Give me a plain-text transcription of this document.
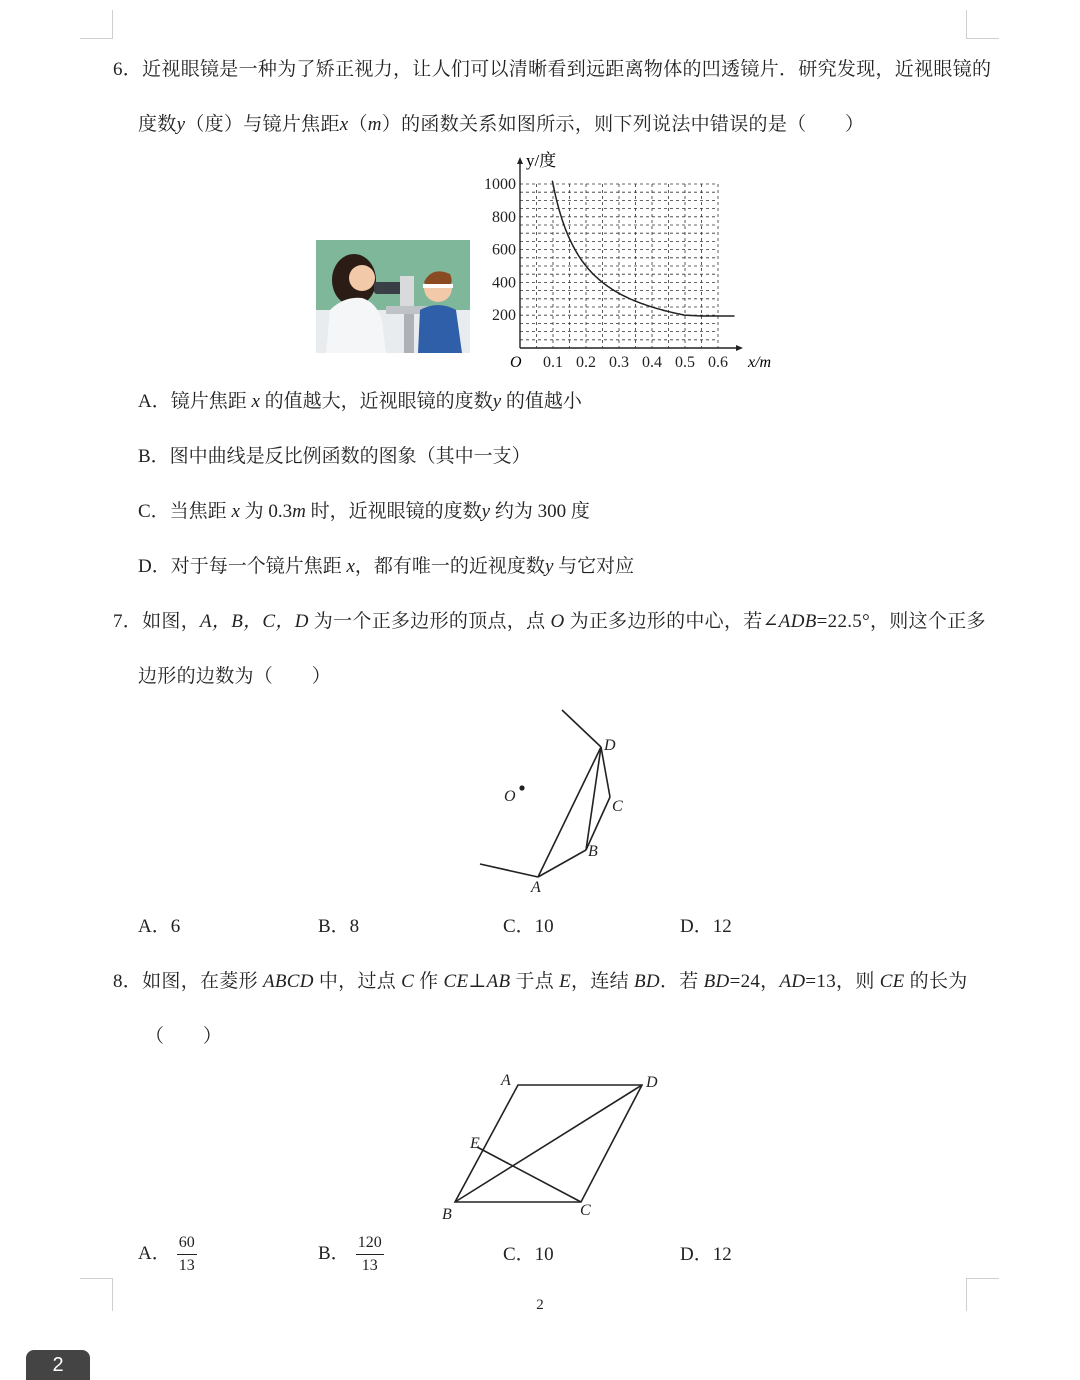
6．近视眼镜是一种为了矫正视力，让人们可以清晰看到远距离物体的凹透镜片．研究发现，近视眼镜的
度数y（度）与镜片焦距x（m）的函数关系如图所示，则下列说法中错误的是（　　）
0.1 0.2 0.3 0.4 0.5 0.6
200
400
600
800
1000
y/度
x/m
O
A．镜片焦距 x 的值越大，近视眼镜的度数y 的值越小
B．图中曲线是反比例函数的图象（其中一支）
C．当焦距 x 为 0.3m 时，近视眼镜的度数y 约为 300 度
D．对于每一个镜片焦距 x，都有唯一的近视度数y 与它对应
7．如图，A，B，C，D 为一个正多边形的顶点，点 O 为正多边形的中心，若∠ADB=22.5°，则这个正多
边形的边数为（　　）
D
C
B
A
O
A．6	B．8	C．10	D．12
8．如图，在菱形 ABCD 中，过点 C 作 CE⊥AB 于点 E，连结 BD．若 BD=24，AD=13，则 CE 的长为
（　　）
A	D
E
B	C
A． $\frac{60}{13}$	B． $\frac{120}{13}$	C．10	D．12
2
2
